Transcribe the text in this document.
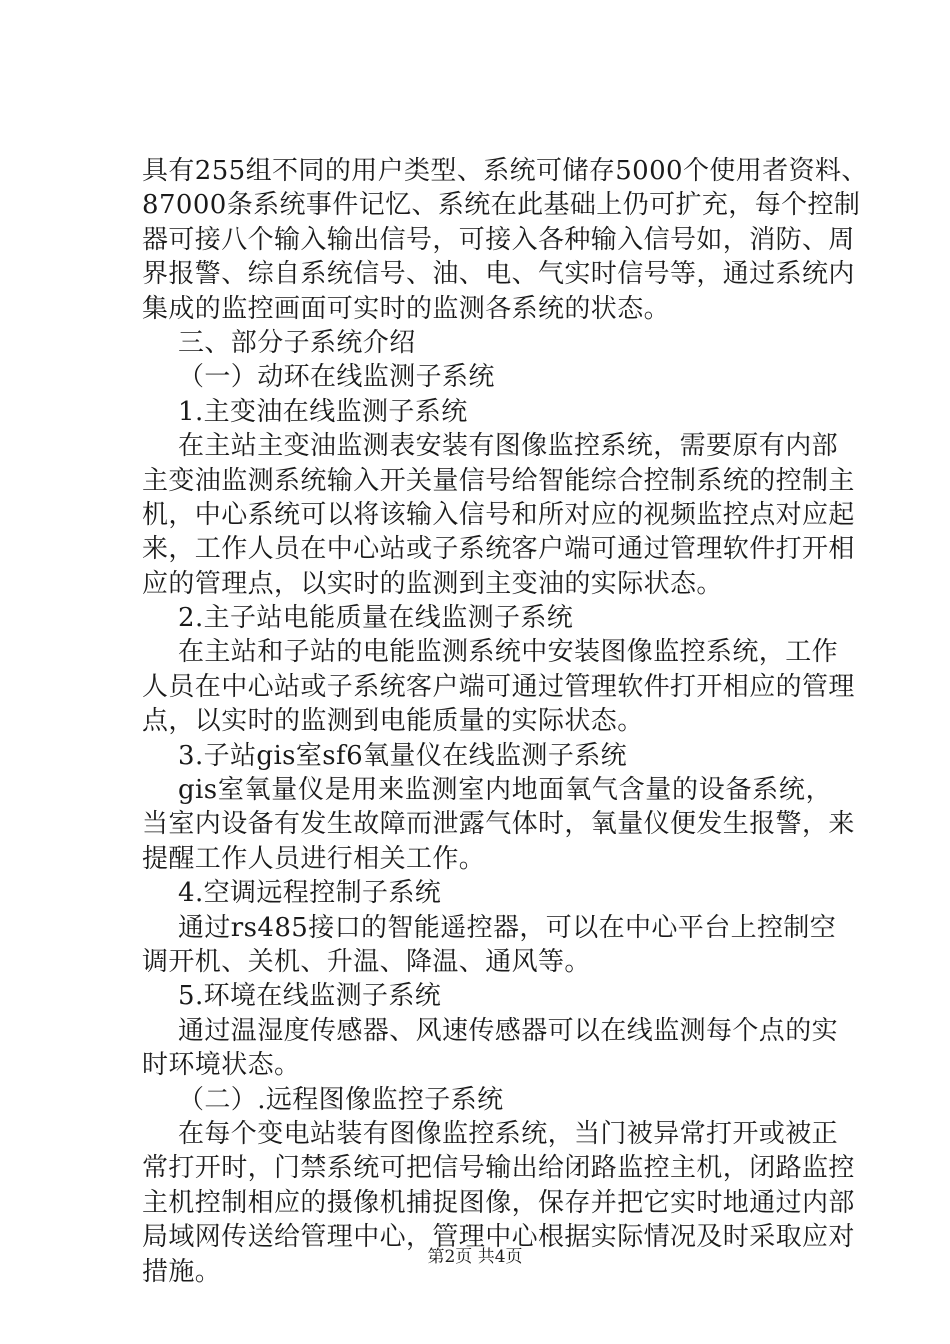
具有255组不同的用户类型、系统可储存5000个使用者资料、
87000条系统事件记忆、系统在此基础上仍可扩充，每个控制
器可接八个输入输出信号，可接入各种输入信号如，消防、周
界报警、综自系统信号、油、电、气实时信号等，通过系统内
集成的监控画面可实时的监测各系统的状态。
三、部分子系统介绍
（一）动环在线监测子系统
1.主变油在线监测子系统
在主站主变油监测表安装有图像监控系统，需要原有内部
主变油监测系统输入开关量信号给智能综合控制系统的控制主
机，中心系统可以将该输入信号和所对应的视频监控点对应起
来，工作人员在中心站或子系统客户端可通过管理软件打开相
应的管理点，以实时的监测到主变油的实际状态。
2.主子站电能质量在线监测子系统
在主站和子站的电能监测系统中安装图像监控系统，工作
人员在中心站或子系统客户端可通过管理软件打开相应的管理
点，以实时的监测到电能质量的实际状态。
3.子站gis室sf6氧量仪在线监测子系统
gis室氧量仪是用来监测室内地面氧气含量的设备系统，
当室内设备有发生故障而泄露气体时，氧量仪便发生报警，来
提醒工作人员进行相关工作。
4.空调远程控制子系统
通过rs485接口的智能遥控器，可以在中心平台上控制空
调开机、关机、升温、降温、通风等。
5.环境在线监测子系统
通过温湿度传感器、风速传感器可以在线监测每个点的实
时环境状态。
（二）.远程图像监控子系统
在每个变电站装有图像监控系统，当门被异常打开或被正
常打开时，门禁系统可把信号输出给闭路监控主机，闭路监控
主机控制相应的摄像机捕捉图像，保存并把它实时地通过内部
局域网传送给管理中心，管理中心根据实际情况及时采取应对
措施。	第2页 共4页
